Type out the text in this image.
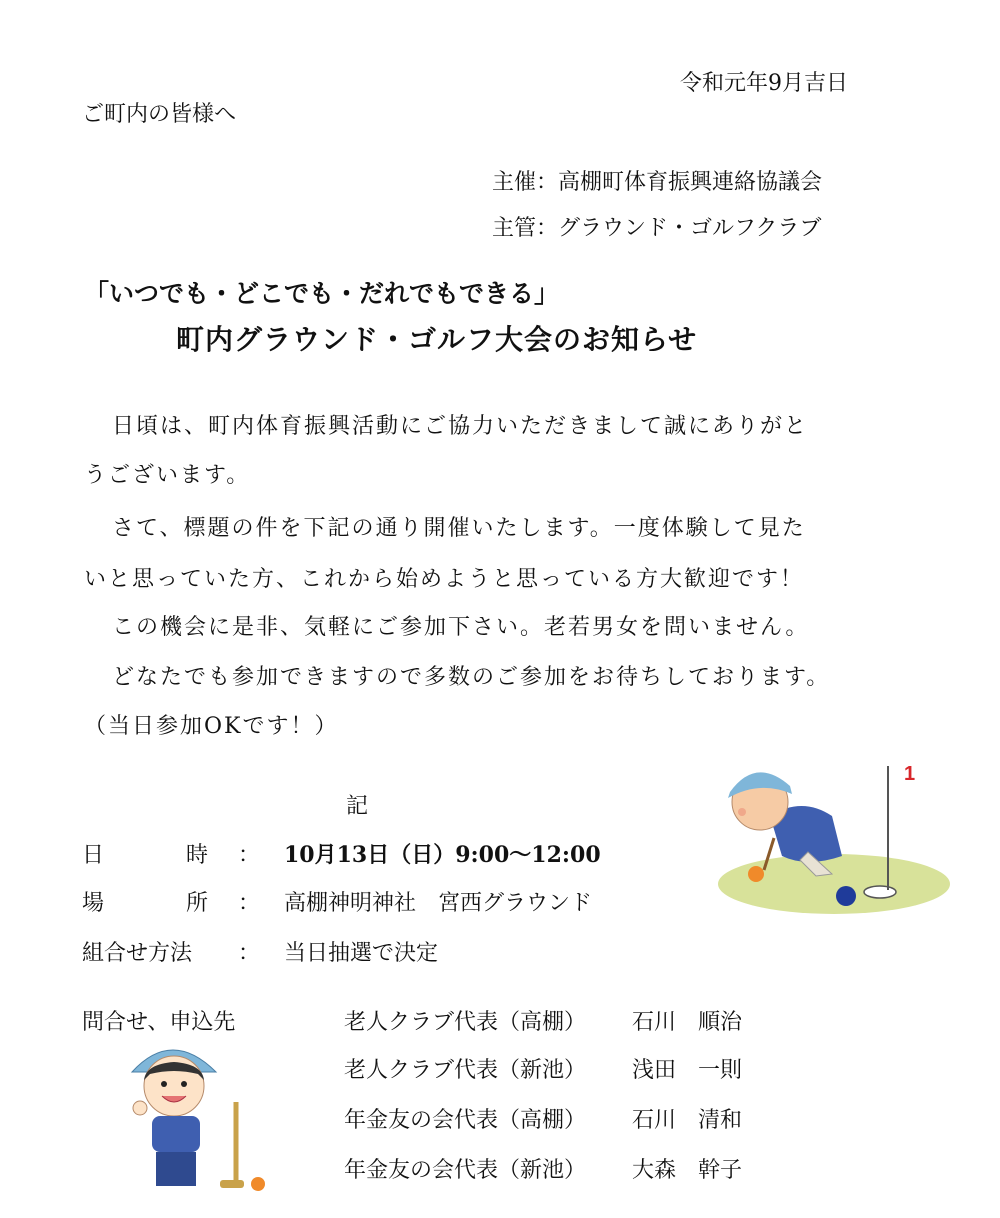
令和元年9月吉日
ご町内の皆様へ
主催：高棚町体育振興連絡協議会
主管：グラウンド・ゴルフクラブ
「いつでも・どこでも・だれでもできる」
町内グラウンド・ゴルフ大会のお知らせ
日頃は、町内体育振興活動にご協力いただきまして誠にありがと
うございます。
さて、標題の件を下記の通り開催いたします。一度体験して見た
いと思っていた方、これから始めようと思っている方大歓迎です！
この機会に是非、気軽にご参加下さい。老若男女を問いません。
どなたでも参加できますので多数のご参加をお待ちしております。
（当日参加OKです！）
記
日	時 ： 10月13日（日）9:00〜12:00
場	所 ： 高棚神明神社　宮西グラウンド
組合せ方法 ： 当日抽選で決定
問合せ、申込先	老人クラブ代表（高棚） 石川　順治
老人クラブ代表（新池） 浅田　一則
年金友の会代表（高棚） 石川　清和
年金友の会代表（新池） 大森　幹子
1
